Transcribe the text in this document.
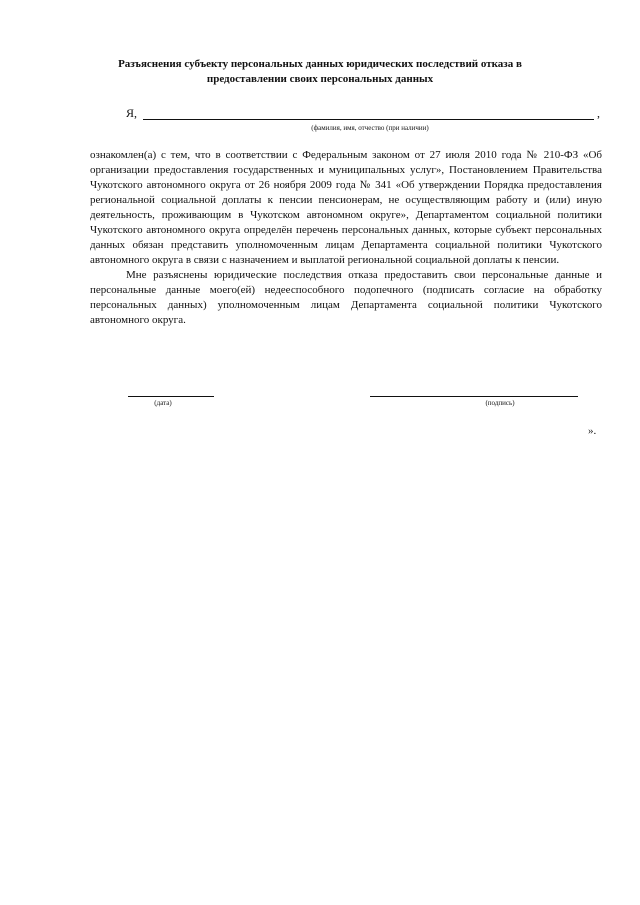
Разъяснения субъекту персональных данных юридических последствий отказа в предоставлении своих персональных данных
Я,	,
(фамилия, имя, отчество (при наличии)

ознакомлен(а) с тем, что в соответствии с Федеральным законом от 27 июля 2010 года № 210-ФЗ «Об организации предоставления государственных и муниципальных услуг», Постановлением Правительства Чукотского автономного округа от 26 ноября 2009 года № 341 «Об утверждении Порядка предоставления региональной социальной доплаты к пенсии пенсионерам, не осуществляющим работу и (или) иную деятельность, проживающим в Чукотском автономном округе», Департаментом социальной политики Чукотского автономного округа определён перечень персональных данных, которые субъект персональных данных обязан представить уполномоченным лицам Департамента социальной политики Чукотского автономного округа в связи с назначением и выплатой региональной социальной доплаты к пенсии.

Мне разъяснены юридические последствия отказа предоставить свои персональные данные и персональные данные моего(ей) недееспособного подопечного (подписать согласие на обработку персональных данных) уполномоченным лицам Департамента социальной политики Чукотского автономного округа.

(дата)	(подпись)
».
